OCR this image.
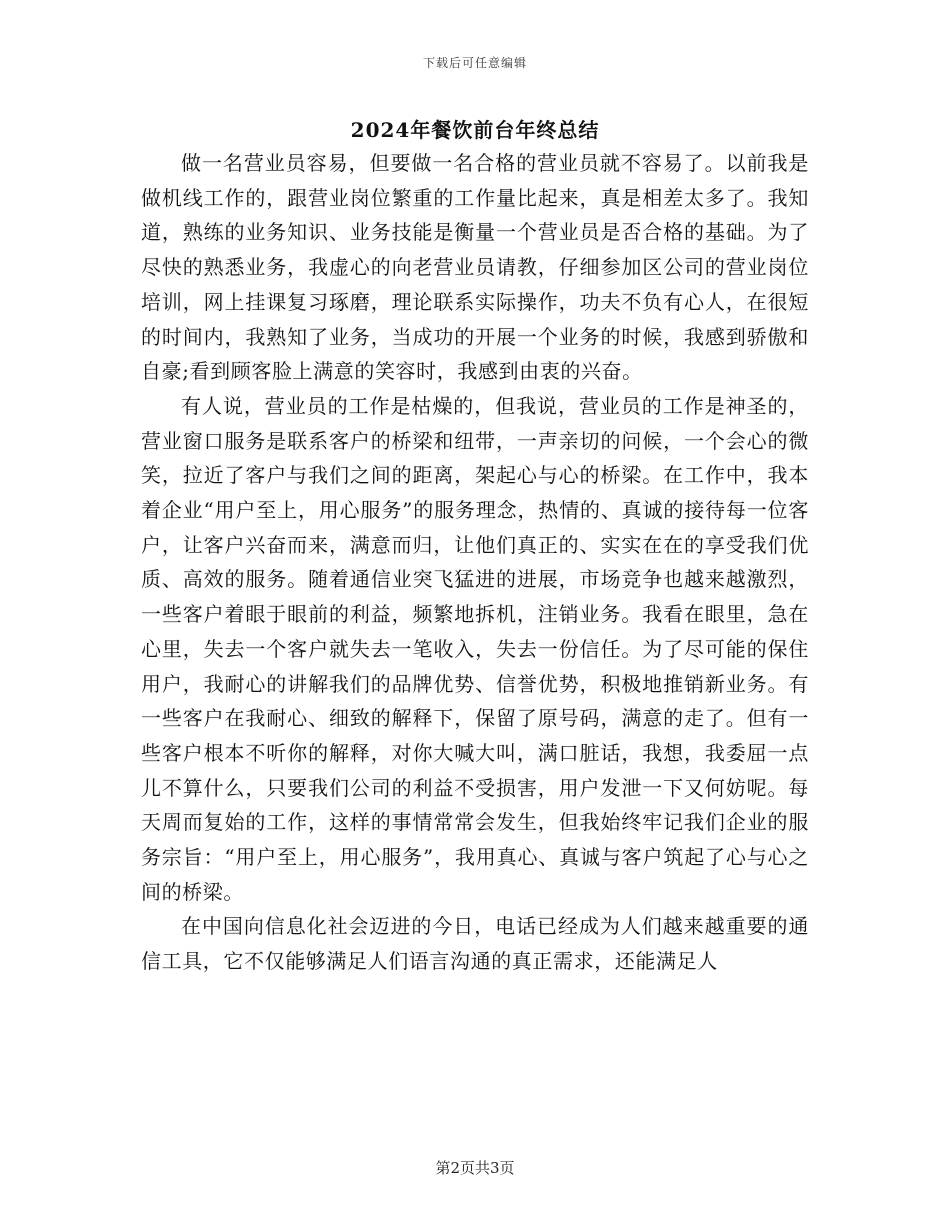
下载后可任意编辑
2024年餐饮前台年终总结

做一名营业员容易，但要做一名合格的营业员就不容易了。以前我是做机线工作的，跟营业岗位繁重的工作量比起来，真是相差太多了。我知道，熟练的业务知识、业务技能是衡量一个营业员是否合格的基础。为了尽快的熟悉业务，我虚心的向老营业员请教，仔细参加区公司的营业岗位培训，网上挂课复习琢磨，理论联系实际操作，功夫不负有心人，在很短的时间内，我熟知了业务，当成功的开展一个业务的时候，我感到骄傲和自豪;看到顾客脸上满意的笑容时，我感到由衷的兴奋。

有人说，营业员的工作是枯燥的，但我说，营业员的工作是神圣的，营业窗口服务是联系客户的桥梁和纽带，一声亲切的问候，一个会心的微笑，拉近了客户与我们之间的距离，架起心与心的桥梁。在工作中，我本着企业“用户至上，用心服务”的服务理念，热情的、真诚的接待每一位客户，让客户兴奋而来，满意而归，让他们真正的、实实在在的享受我们优质、高效的服务。随着通信业突飞猛进的进展，市场竞争也越来越激烈，一些客户着眼于眼前的利益，频繁地拆机，注销业务。我看在眼里，急在心里，失去一个客户就失去一笔收入，失去一份信任。为了尽可能的保住用户，我耐心的讲解我们的品牌优势、信誉优势，积极地推销新业务。有一些客户在我耐心、细致的解释下，保留了原号码，满意的走了。但有一些客户根本不听你的解释，对你大喊大叫，满口脏话，我想，我委屈一点儿不算什么，只要我们公司的利益不受损害，用户发泄一下又何妨呢。每天周而复始的工作，这样的事情常常会发生，但我始终牢记我们企业的服务宗旨：“用户至上，用心服务”，我用真心、真诚与客户筑起了心与心之间的桥梁。

在中国向信息化社会迈进的今日，电话已经成为人们越来越重要的通信工具，它不仅能够满足人们语言沟通的真正需求，还能满足人

第2页共3页
